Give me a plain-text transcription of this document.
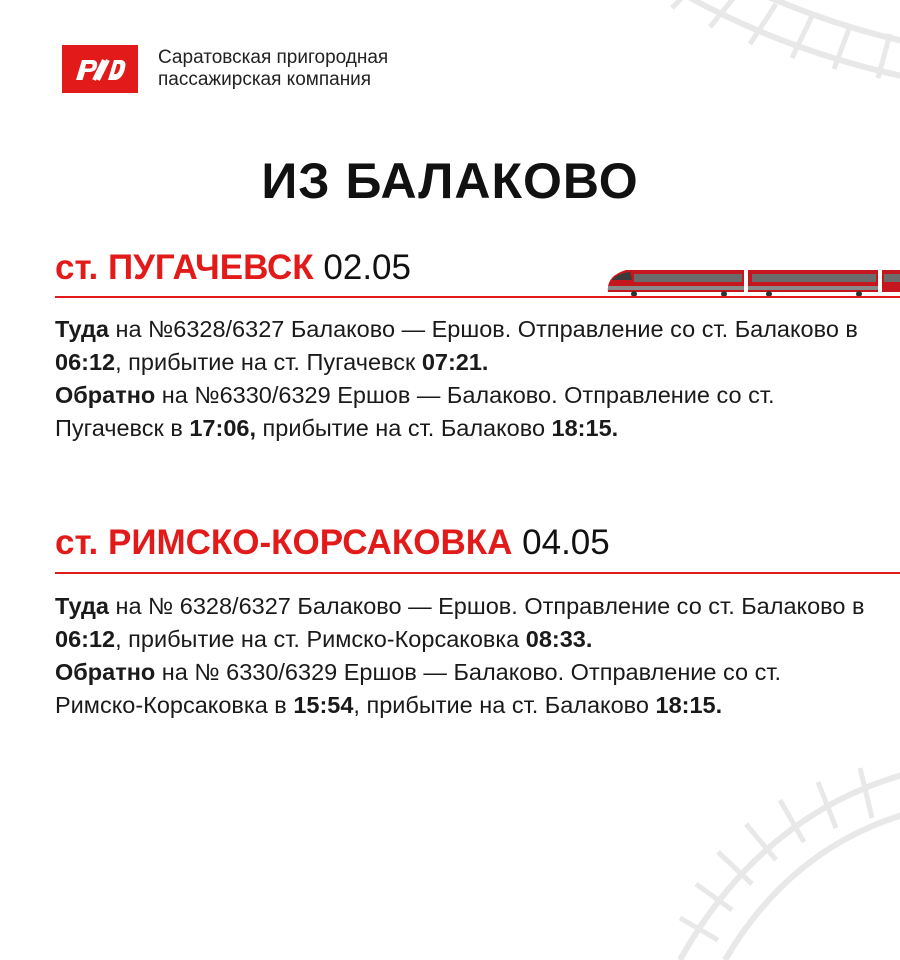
Саратовская пригородная
пассажирская компания
ИЗ БАЛАКОВО
ст. ПУГАЧЕВСК 02.05
Туда на №6328/6327 Балаково — Ершов. Отправление со ст. Балаково в 06:12, прибытие на ст. Пугачевск 07:21.
Обратно на №6330/6329 Ершов — Балаково. Отправление со ст. Пугачевск в 17:06, прибытие на ст. Балаково 18:15.
ст. РИМСКО-КОРСАКОВКА 04.05
Туда на № 6328/6327 Балаково — Ершов. Отправление со ст. Балаково в 06:12, прибытие на ст. Римско-Корсаковка 08:33.
Обратно на № 6330/6329 Ершов — Балаково. Отправление со ст. Римско-Корсаковка в 15:54, прибытие на ст. Балаково 18:15.
